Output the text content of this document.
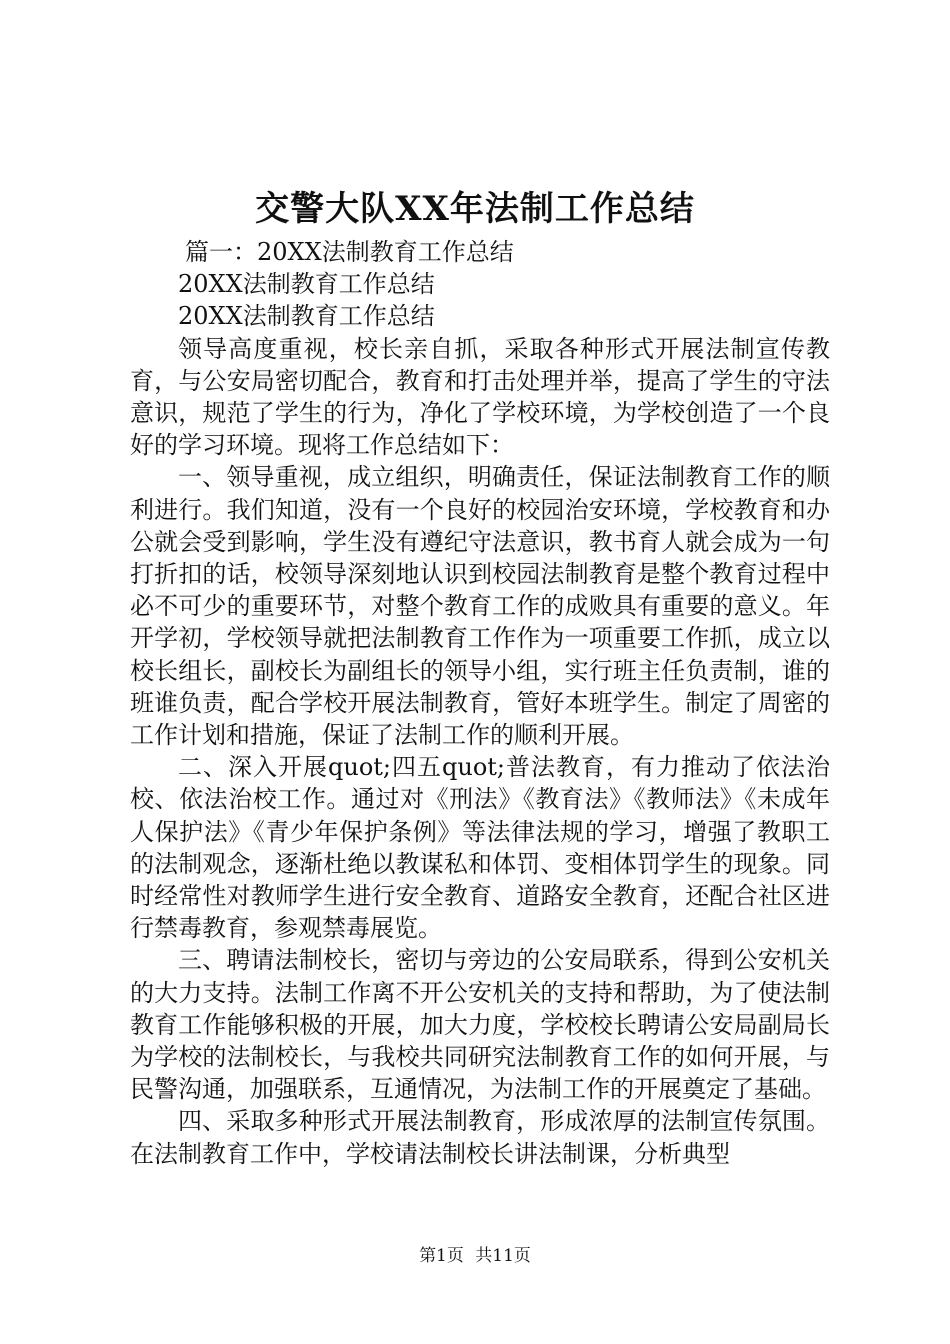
交警大队XX年法制工作总结

篇一：20XX法制教育工作总结

20XX法制教育工作总结

20XX法制教育工作总结

领导高度重视，校长亲自抓，采取各种形式开展法制宣传教育，与公安局密切配合，教育和打击处理并举，提高了学生的守法意识，规范了学生的行为，净化了学校环境，为学校创造了一个良好的学习环境。现将工作总结如下：

一、领导重视，成立组织，明确责任，保证法制教育工作的顺利进行。我们知道，没有一个良好的校园治安环境，学校教育和办公就会受到影响，学生没有遵纪守法意识，教书育人就会成为一句打折扣的话，校领导深刻地认识到校园法制教育是整个教育过程中必不可少的重要环节，对整个教育工作的成败具有重要的意义。年开学初，学校领导就把法制教育工作作为一项重要工作抓，成立以校长组长，副校长为副组长的领导小组，实行班主任负责制，谁的班谁负责，配合学校开展法制教育，管好本班学生。制定了周密的工作计划和措施，保证了法制工作的顺利开展。

二、深入开展quot;四五quot;普法教育，有力推动了依法治校、依法治校工作。通过对《刑法》《教育法》《教师法》《未成年人保护法》《青少年保护条例》等法律法规的学习，增强了教职工的法制观念，逐渐杜绝以教谋私和体罚、变相体罚学生的现象。同时经常性对教师学生进行安全教育、道路安全教育，还配合社区进行禁毒教育，参观禁毒展览。

三、聘请法制校长，密切与旁边的公安局联系，得到公安机关的大力支持。法制工作离不开公安机关的支持和帮助，为了使法制教育工作能够积极的开展，加大力度，学校校长聘请公安局副局长为学校的法制校长，与我校共同研究法制教育工作的如何开展，与民警沟通，加强联系，互通情况，为法制工作的开展奠定了基础。

四、采取多种形式开展法制教育，形成浓厚的法制宣传氛围。在法制教育工作中，学校请法制校长讲法制课，分析典型

第1页 共11页
